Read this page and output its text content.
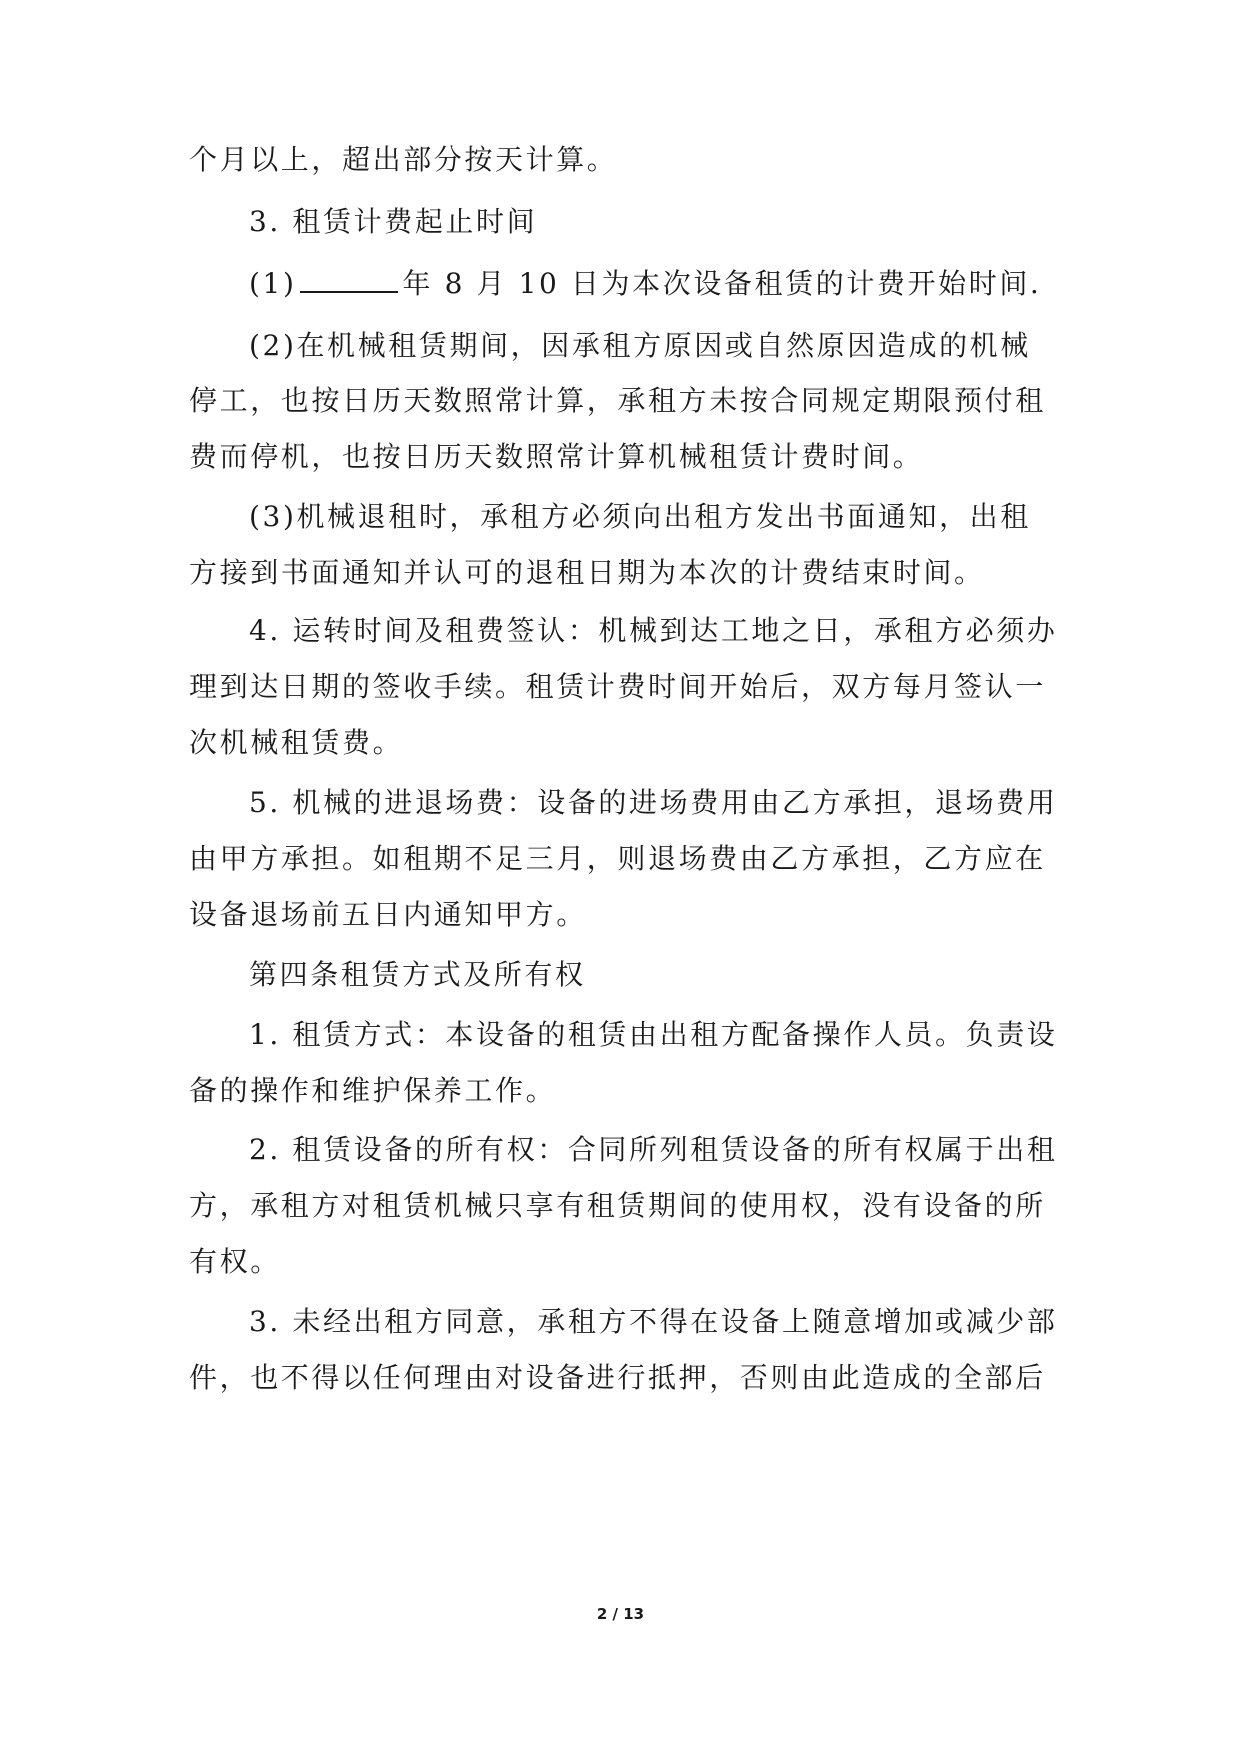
个月以上，超出部分按天计算。

3. 租赁计费起止时间

(1)	年 8 月 10 日为本次设备租赁的计费开始时间.

(2)在机械租赁期间，因承租方原因或自然原因造成的机械

停工，也按日历天数照常计算，承租方未按合同规定期限预付租

费而停机，也按日历天数照常计算机械租赁计费时间。

(3)机械退租时，承租方必须向出租方发出书面通知，出租

方接到书面通知并认可的退租日期为本次的计费结束时间。

4. 运转时间及租费签认：机械到达工地之日，承租方必须办

理到达日期的签收手续。租赁计费时间开始后，双方每月签认一

次机械租赁费。

5. 机械的进退场费：设备的进场费用由乙方承担，退场费用

由甲方承担。如租期不足三月，则退场费由乙方承担，乙方应在

设备退场前五日内通知甲方。

第四条租赁方式及所有权

1. 租赁方式：本设备的租赁由出租方配备操作人员。负责设

备的操作和维护保养工作。

2. 租赁设备的所有权：合同所列租赁设备的所有权属于出租

方，承租方对租赁机械只享有租赁期间的使用权，没有设备的所

有权。

3. 未经出租方同意，承租方不得在设备上随意增加或减少部

件，也不得以任何理由对设备进行抵押，否则由此造成的全部后

2 / 13
